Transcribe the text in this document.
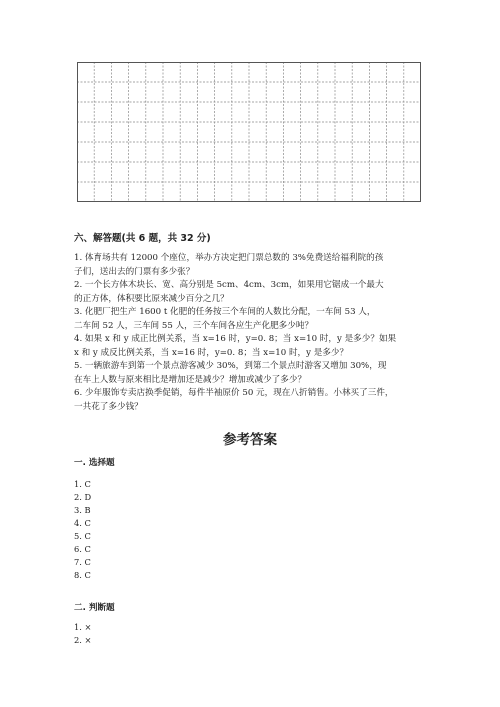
六、解答题(共 6 题，共 32 分)
1. 体育场共有 12000 个座位，举办方决定把门票总数的 3%免费送给福利院的孩
子们，送出去的门票有多少张？
2. 一个长方体木块长、宽、高分别是 5cm、4cm、3cm，如果用它锯成一个最大
的正方体，体积要比原来减少百分之几？
3. 化肥厂把生产 1600 t 化肥的任务按三个车间的人数比分配，一车间 53 人，
二车间 52 人，三车间 55 人，三个车间各应生产化肥多少吨？
4. 如果 x 和 y 成正比例关系，当 x=16 时，y=0. 8；当 x=10 时，y 是多少？如果
x 和 y 成反比例关系，当 x=16 时，y=0. 8；当 x=10 时，y 是多少？
5. 一辆旅游车到第一个景点游客减少 30%，到第二个景点时游客又增加 30%，现
在车上人数与原来相比是增加还是减少？增加或减少了多少？
6. 少年服饰专卖店换季促销，每件半袖原价 50 元，现在八折销售。小林买了三件，
一共花了多少钱？
参考答案
一. 选择题
1. C
2. D
3. B
4. C
5. C
6. C
7. C
8. C
二. 判断题
1. ×
2. ×
